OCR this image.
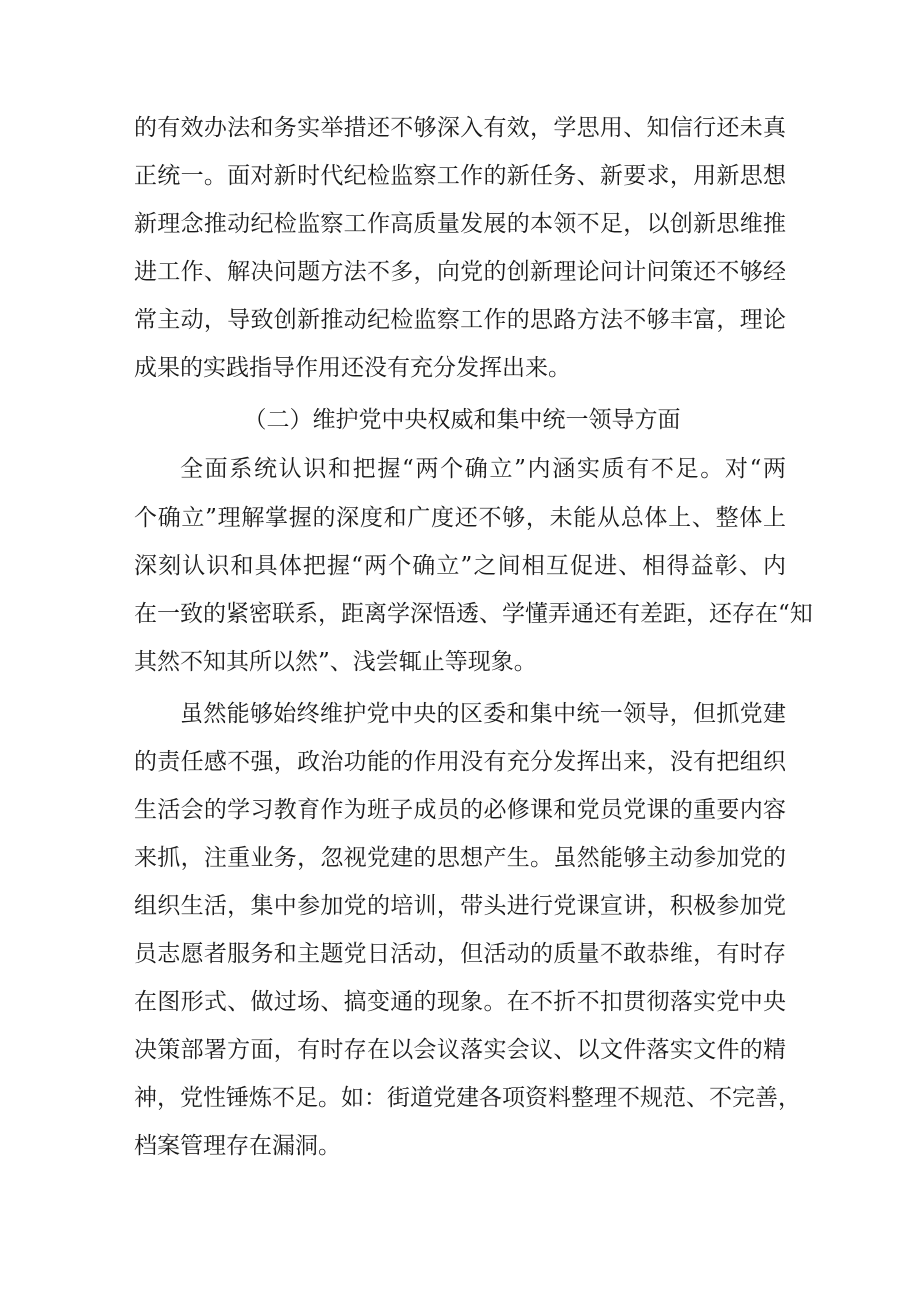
的有效办法和务实举措还不够深入有效，学思用、知信行还未真
正统一。面对新时代纪检监察工作的新任务、新要求，用新思想
新理念推动纪检监察工作高质量发展的本领不足，以创新思维推
进工作、解决问题方法不多，向党的创新理论问计问策还不够经
常主动，导致创新推动纪检监察工作的思路方法不够丰富，理论
成果的实践指导作用还没有充分发挥出来。
（二）维护党中央权威和集中统一领导方面
全面系统认识和把握“两个确立”内涵实质有不足。对“两
个确立”理解掌握的深度和广度还不够，未能从总体上、整体上
深刻认识和具体把握“两个确立”之间相互促进、相得益彰、内
在一致的紧密联系，距离学深悟透、学懂弄通还有差距，还存在“知
其然不知其所以然”、浅尝辄止等现象。
虽然能够始终维护党中央的区委和集中统一领导，但抓党建
的责任感不强，政治功能的作用没有充分发挥出来，没有把组织
生活会的学习教育作为班子成员的必修课和党员党课的重要内容
来抓，注重业务，忽视党建的思想产生。虽然能够主动参加党的
组织生活，集中参加党的培训，带头进行党课宣讲，积极参加党
员志愿者服务和主题党日活动，但活动的质量不敢恭维，有时存
在图形式、做过场、搞变通的现象。在不折不扣贯彻落实党中央
决策部署方面，有时存在以会议落实会议、以文件落实文件的精
神，党性锤炼不足。如：街道党建各项资料整理不规范、不完善，
档案管理存在漏洞。
